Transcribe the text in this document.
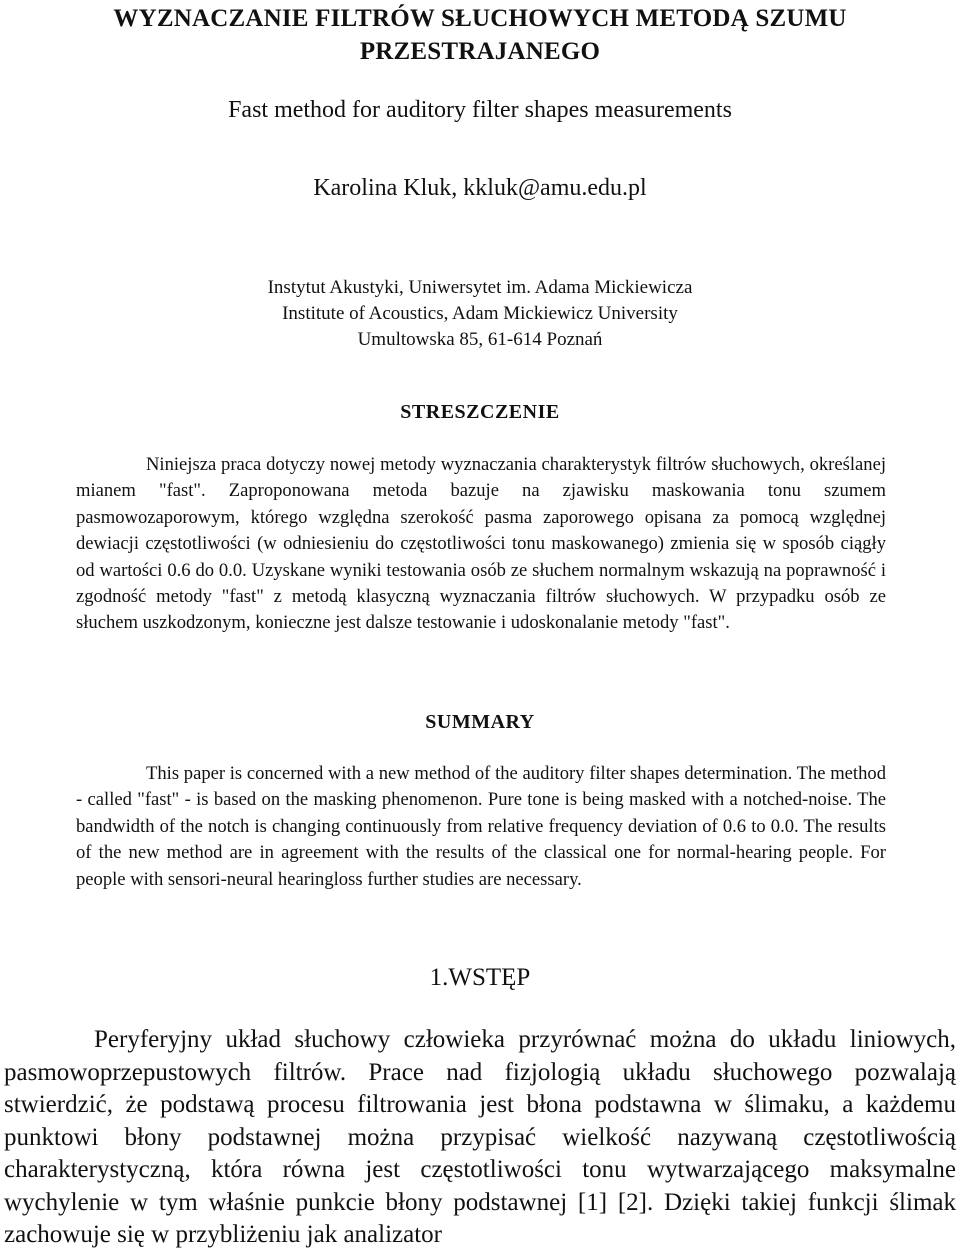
WYZNACZANIE FILTRÓW SŁUCHOWYCH METODĄ SZUMU PRZESTRAJANEGO
Fast method for auditory filter shapes measurements
Karolina Kluk, kkluk@amu.edu.pl
Instytut Akustyki, Uniwersytet im. Adama Mickiewicza
Institute of Acoustics, Adam Mickiewicz University
Umultowska 85, 61-614 Poznań
STRESZCZENIE

Niniejsza praca dotyczy nowej metody wyznaczania charakterystyk filtrów słuchowych, określanej mianem "fast". Zaproponowana metoda bazuje na zjawisku maskowania tonu szumem pasmowozaporowym, którego względna szerokość pasma zaporowego opisana za pomocą względnej dewiacji częstotliwości (w odniesieniu do częstotliwości tonu maskowanego) zmienia się w sposób ciągły od wartości 0.6 do 0.0. Uzyskane wyniki testowania osób ze słuchem normalnym wskazują na poprawność i zgodność metody "fast" z metodą klasyczną wyznaczania filtrów słuchowych. W przypadku osób ze słuchem uszkodzonym, konieczne jest dalsze testowanie i udoskonalanie metody "fast".

SUMMARY

This paper is concerned with a new method of the auditory filter shapes determination. The method - called "fast" - is based on the masking phenomenon. Pure tone is being masked with a notched-noise. The bandwidth of the notch is changing continuously from relative frequency deviation of 0.6 to 0.0. The results of the new method are in agreement with the results of the classical one for normal-hearing people. For people with sensori-neural hearingloss further studies are necessary.

1.WSTĘP

Peryferyjny układ słuchowy człowieka przyrównać można do układu liniowych, pasmowoprzepustowych filtrów. Prace nad fizjologią układu słuchowego pozwalają stwierdzić, że podstawą procesu filtrowania jest błona podstawna w ślimaku, a każdemu punktowi błony podstawnej można przypisać wielkość nazywaną częstotliwością charakterystyczną, która równa jest częstotliwości tonu wytwarzającego maksymalne wychylenie w tym właśnie punkcie błony podstawnej [1] [2]. Dzięki takiej funkcji ślimak zachowuje się w przybliżeniu jak analizator
